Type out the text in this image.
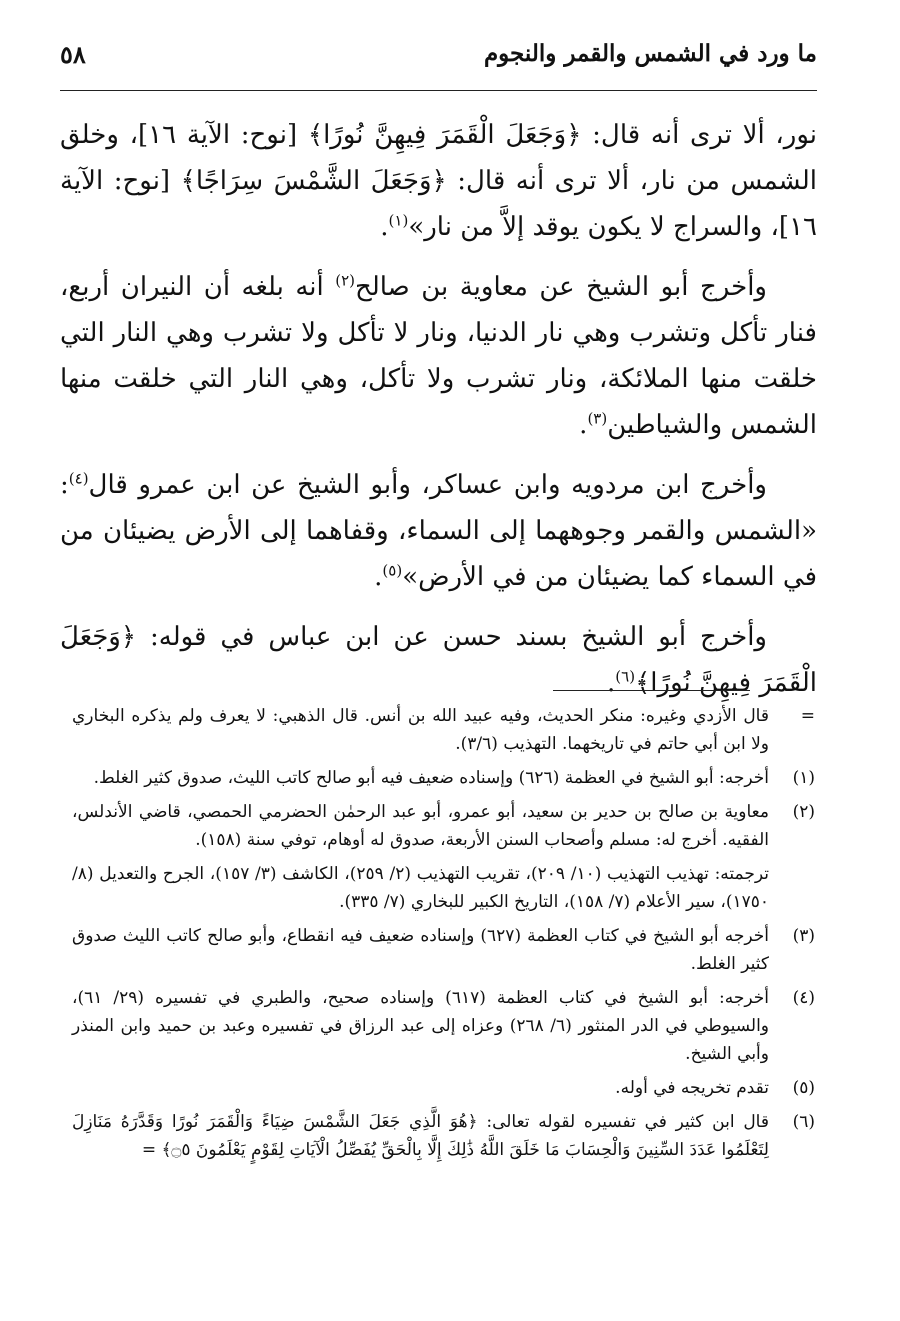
٥٨	ما ورد في الشمس والقمر والنجوم

نور، ألا ترى أنه قال: ﴿وَجَعَلَ الْقَمَرَ فِيهِنَّ نُورًا﴾ [نوح: الآية ١٦]، وخلق الشمس من نار، ألا ترى أنه قال: ﴿وَجَعَلَ الشَّمْسَ سِرَاجًا﴾ [نوح: الآية ١٦]، والسراج لا يكون يوقد إلاَّ من نار»$^{(١)}$.

وأخرج أبو الشيخ عن معاوية بن صالح$^{(٢)}$ أنه بلغه أن النيران أربع، فنار تأكل وتشرب وهي نار الدنيا، ونار لا تأكل ولا تشرب وهي النار التي خلقت منها الملائكة، ونار تشرب ولا تأكل، وهي النار التي خلقت منها الشمس والشياطين$^{(٣)}$.

وأخرج ابن مردويه وابن عساكر، وأبو الشيخ عن ابن عمرو قال$^{(٤)}$: «الشمس والقمر وجوههما إلى السماء، وقفاهما إلى الأرض يضيئان من في السماء كما يضيئان من في الأرض»$^{(٥)}$.

وأخرج أبو الشيخ بسند حسن عن ابن عباس في قوله: ﴿وَجَعَلَ الْقَمَرَ فِيهِنَّ نُورًا﴾$^{(٦)}$.

=
قال الأزدي وغيره: منكر الحديث، وفيه عبيد الله بن أنس. قال الذهبي: لا يعرف ولم يذكره البخاري ولا ابن أبي حاتم في تاريخهما. التهذيب (٣/٦).
(١)
أخرجه: أبو الشيخ في العظمة (٦٢٦) وإسناده ضعيف فيه أبو صالح كاتب الليث، صدوق كثير الغلط.
(٢)
معاوية بن صالح بن حدير بن سعيد، أبو عمرو، أبو عبد الرحمٰن الحضرمي الحمصي، قاضي الأندلس، الفقيه. أخرج له: مسلم وأصحاب السنن الأربعة، صدوق له أوهام، توفي سنة (١٥٨).
ترجمته: تهذيب التهذيب (١٠/ ٢٠٩)، تقريب التهذيب (٢/ ٢٥٩)، الكاشف (٣/ ١٥٧)، الجرح والتعديل (٨/ ١٧٥٠)، سير الأعلام (٧/ ١٥٨)، التاريخ الكبير للبخاري (٧/ ٣٣٥).
(٣)
أخرجه أبو الشيخ في كتاب العظمة (٦٢٧) وإسناده ضعيف فيه انقطاع، وأبو صالح كاتب الليث صدوق كثير الغلط.
(٤)
أخرجه: أبو الشيخ في كتاب العظمة (٦١٧) وإسناده صحيح، والطبري في تفسيره (٢٩/ ٦١)، والسيوطي في الدر المنثور (٦/ ٢٦٨) وعزاه إلى عبد الرزاق في تفسيره وعبد بن حميد وابن المنذر وأبي الشيخ.
(٥)
تقدم تخريجه في أوله.
(٦)
قال ابن كثير في تفسيره لقوله تعالى: ﴿هُوَ الَّذِي جَعَلَ الشَّمْسَ ضِيَاءً وَالْقَمَرَ نُورًا وَقَدَّرَهُ مَنَازِلَ لِتَعْلَمُوا عَدَدَ السِّنِينَ وَالْحِسَابَ مَا خَلَقَ اللَّهُ ذَٰلِكَ إِلَّا بِالْحَقِّ يُفَصِّلُ الْآيَاتِ لِقَوْمٍ يَعْلَمُونَ ۝٥﴾ =
